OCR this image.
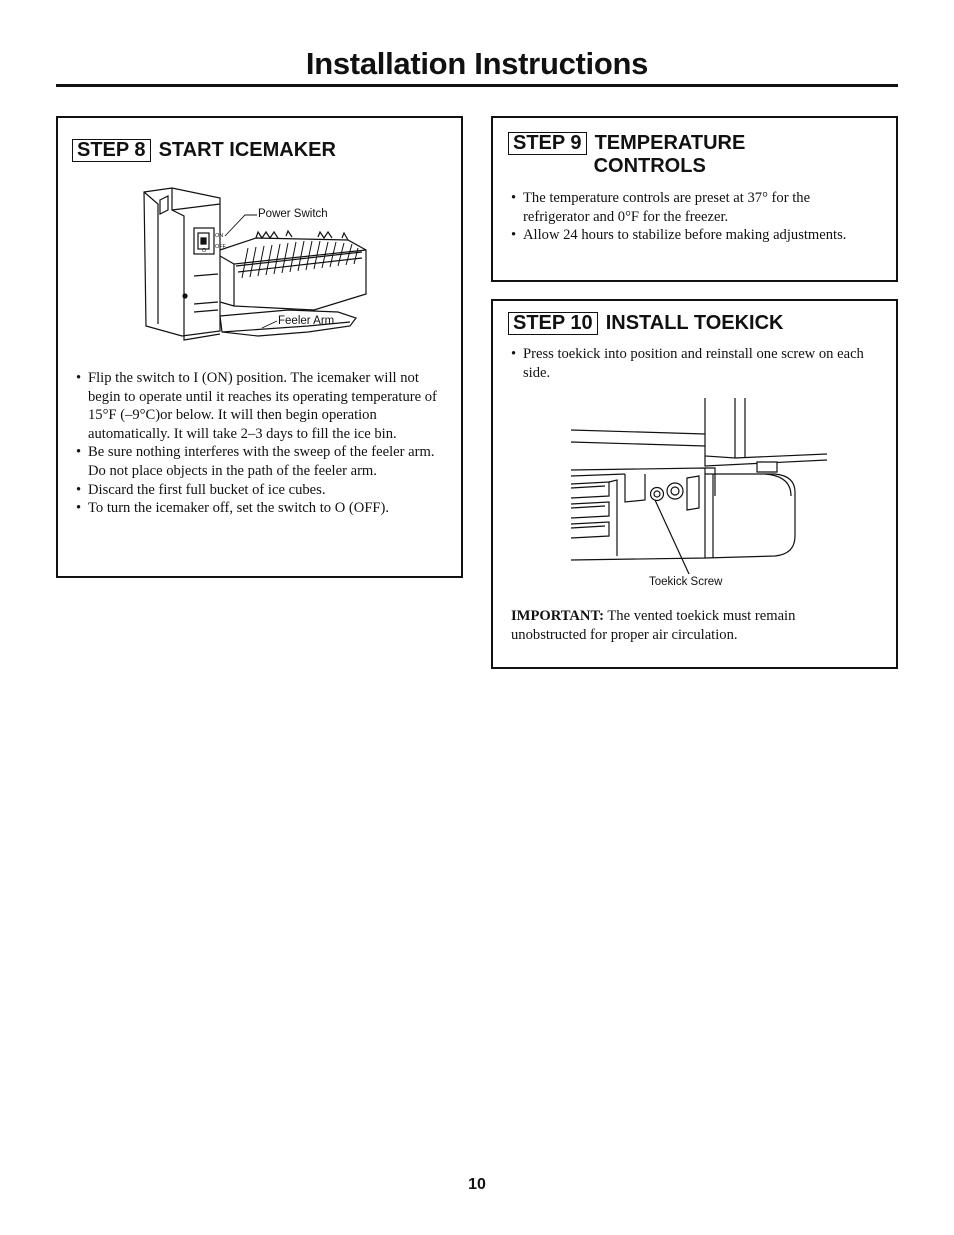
Installation Instructions
STEP 8 START ICEMAKER
I	ON
O
OFF
Power Switch
Feeler Arm
• Flip the switch to I (ON) position. The icemaker will not begin to operate until it reaches its operating temperature of 15°F (–9°C)or below. It will then begin operation automatically. It will take 2–3 days to fill the ice bin.
• Be sure nothing interferes with the sweep of the feeler arm. Do not place objects in the path of the feeler arm.
• Discard the first full bucket of ice cubes.
• To turn the icemaker off, set the switch to O (OFF).
STEP 9 TEMPERATURE
CONTROLS
• The temperature controls are preset at 37° for the refrigerator and 0°F for the freezer.
• Allow 24 hours to stabilize before making adjustments.
STEP 10 INSTALL TOEKICK
• Press toekick into position and reinstall one screw on each side.
Toekick Screw
IMPORTANT: The vented toekick must remain unobstructed for proper air circulation.
10
